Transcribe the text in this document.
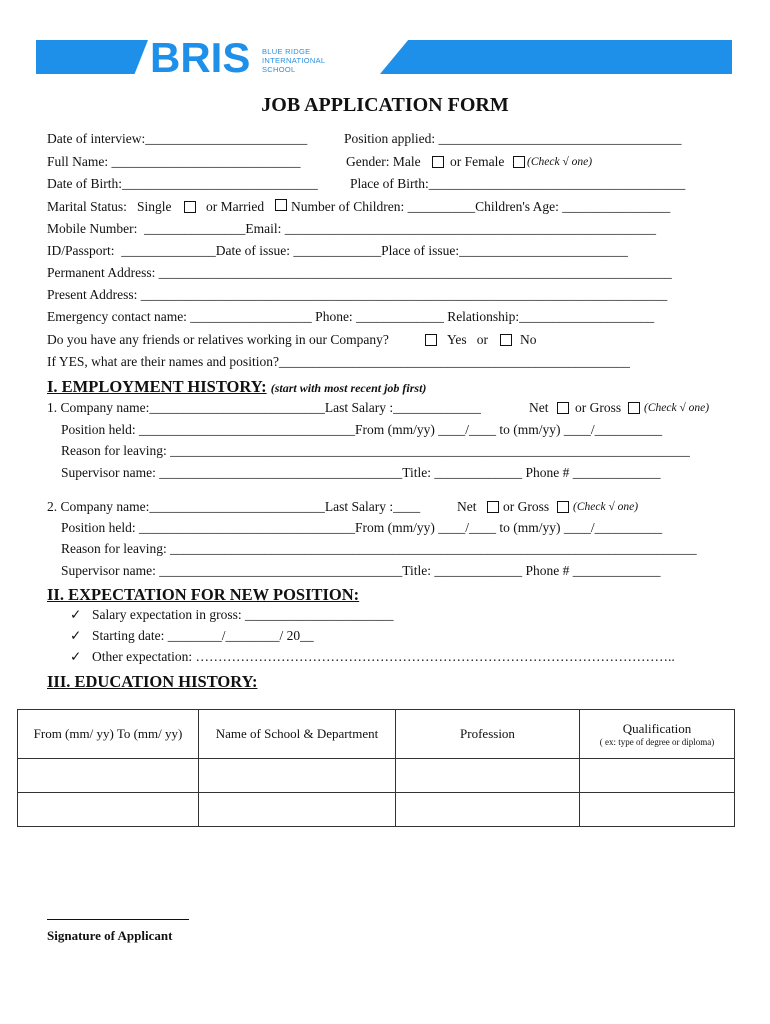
BRIS BLUE RIDGE
INTERNATIONAL
SCHOOL
JOB APPLICATION FORM
Date of interview:________________________	Position applied: ____________________________________
Full Name: ____________________________	Gender: Male or Female (Check √ one)
Date of Birth:_____________________________ Place of Birth:______________________________________
Marital Status:   Single	or Married Number of Children: __________Children's Age: ________________
Mobile Number:  _______________Email: _______________________________________________________
ID/Passport:  ______________Date of issue: _____________Place of issue:_________________________
Permanent Address: ____________________________________________________________________________
Present Address: ______________________________________________________________________________
Emergency contact name: __________________ Phone: _____________ Relationship:____________________
Do you have any friends or relatives working in our Company?	Yes   or No
If YES, what are their names and position?____________________________________________________
I. EMPLOYMENT HISTORY: (start with most recent job first)
1. Company name:__________________________Last Salary :_____________	Net or Gross (Check √ one)
Position held: ________________________________From (mm/yy) ____/____ to (mm/yy) ____/__________
Reason for leaving: _____________________________________________________________________________
Supervisor name: ____________________________________Title: _____________ Phone # _____________
2. Company name:__________________________Last Salary :____	Net or Gross (Check √ one)
Position held: ________________________________From (mm/yy) ____/____ to (mm/yy) ____/__________
Reason for leaving: ______________________________________________________________________________
Supervisor name: ____________________________________Title: _____________ Phone # _____________
II. EXPECTATION FOR NEW POSITION:
✓ Salary expectation in gross: ______________________
✓ Starting date: ________/________/ 20__
✓ Other expectation: ……………………………………………………………………………………………..
III. EDUCATION HISTORY:
From (mm/ yy) To (mm/ yy)	Name of School & Department	Profession	Qualification
( ex: type of degree or diploma)

Signature of Applicant
